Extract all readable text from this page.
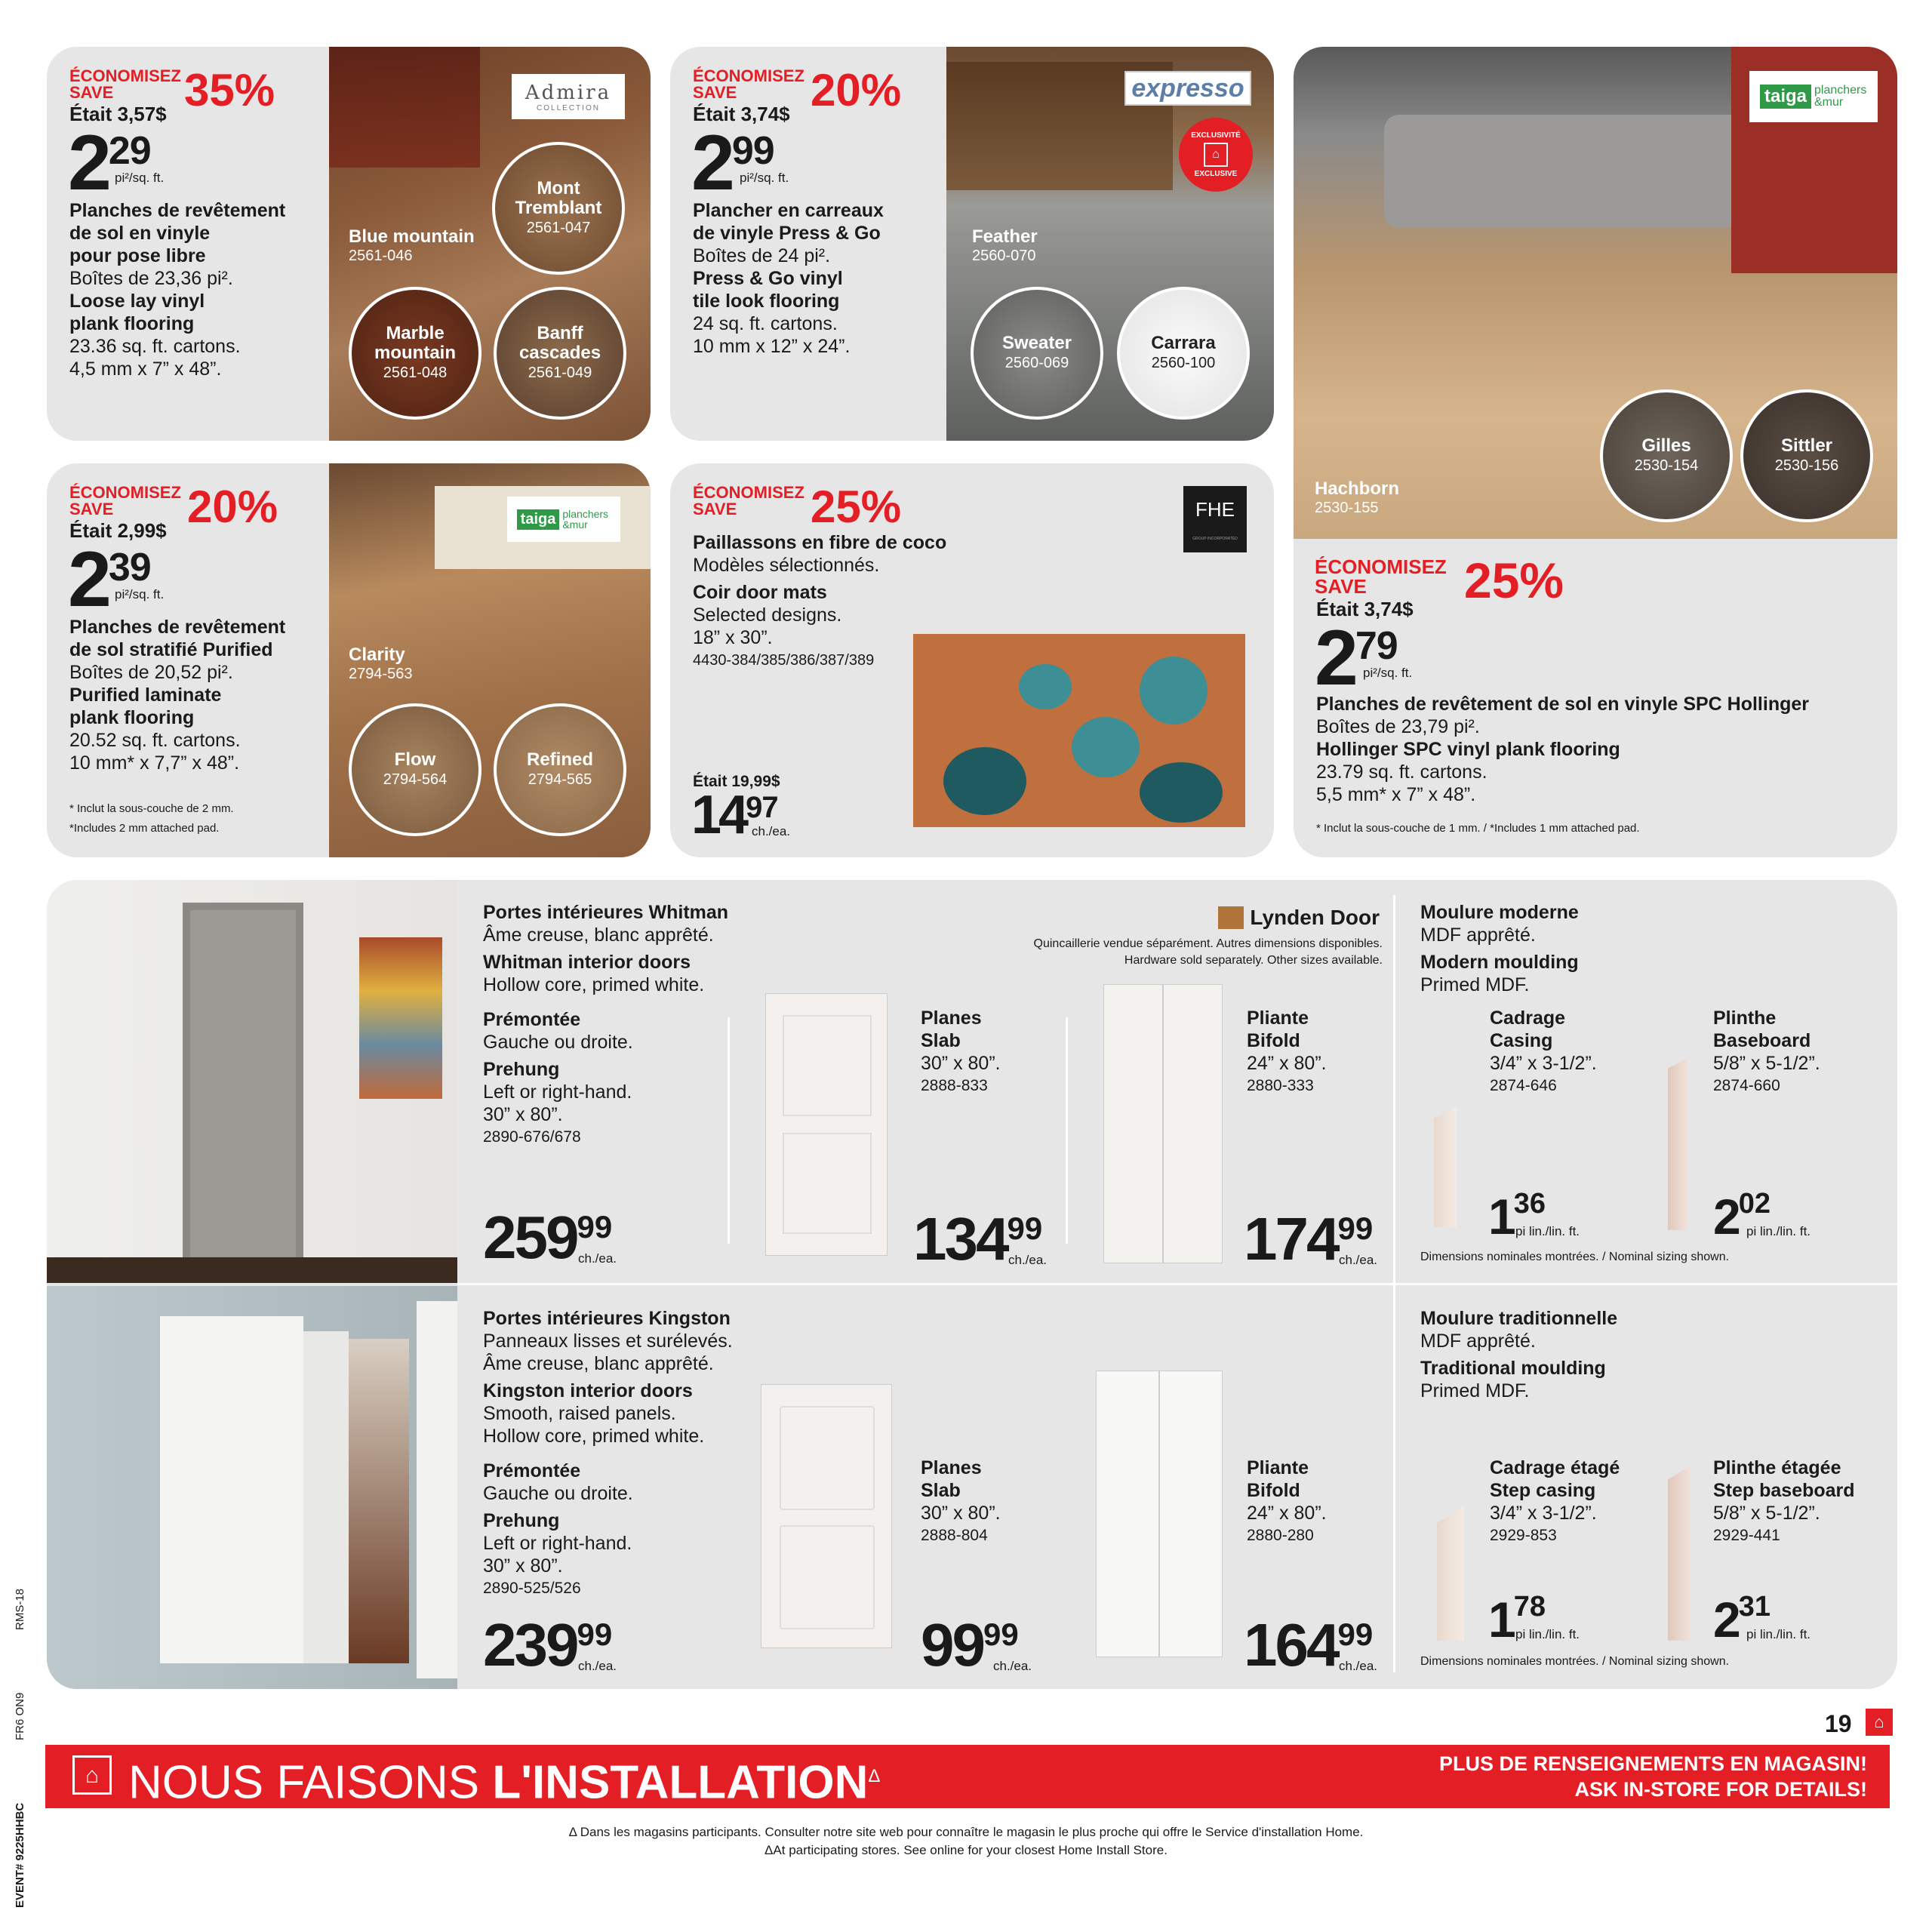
ÉCONOMISEZ
SAVE 35%
Était 3,57$
$2^{29}$
pi²/sq. ft.
Planches de revêtement
de sol en vinyle
pour pose libre
Boîtes de 23,36 pi².
Loose lay vinyl
plank flooring
23.36 sq. ft. cartons.
4,5 mm x 7” x 48”.
Admira
COLLECTION
Blue mountain
2561-046
Mont Tremblant
2561-047
Marble mountain
2561-048
Banff cascades
2561-049
ÉCONOMISEZ
SAVE 20%
Était 3,74$
$2^{99}$
pi²/sq. ft.
Plancher en carreaux
de vinyle Press & Go
Boîtes de 24 pi².
Press & Go vinyl
tile look flooring
24 sq. ft. cartons.
10 mm x 12” x 24”.
expresso
EXCLUSIVITÉ
⌂
EXCLUSIVE
Feather
2560-070
Sweater
2560-069
Carrara
2560-100
taiga planchers &mur
Hachborn
2530-155
Gilles
2530-154
Sittler
2530-156
ÉCONOMISEZ
SAVE 25%
Était 3,74$
$2^{79}$
pi²/sq. ft.
Planches de revêtement de sol en vinyle SPC Hollinger
Boîtes de 23,79 pi².
Hollinger SPC vinyl plank flooring
23.79 sq. ft. cartons.
5,5 mm* x 7” x 48”.
* Inclut la sous-couche de 1 mm. / *Includes 1 mm attached pad.
ÉCONOMISEZ
SAVE 20%
Était 2,99$
$2^{39}$
pi²/sq. ft.
Planches de revêtement
de sol stratifié Purified
Boîtes de 20,52 pi².
Purified laminate
plank flooring
20.52 sq. ft. cartons.
10 mm* x 7,7” x 48”.
* Inclut la sous-couche de 2 mm.
*Includes 2 mm attached pad.
taiga planchers &mur
Clarity
2794-563
Flow
2794-564
Refined
2794-565
ÉCONOMISEZ
SAVE 25%	FHE
GROUP INCORPORATED
Paillassons en fibre de coco
Modèles sélectionnés.
Coir door mats
Selected designs.
18” x 30”.
4430-384/385/386/387/389
Était 19,99$
$14^{97}$
ch./ea.
Portes intérieures Whitman
Âme creuse, blanc apprêté.
Whitman interior doors
Hollow core, primed white.
Prémontée
Gauche ou droite.
Prehung
Left or right-hand.
30” x 80”.
2890-676/678
$259^{99}$
ch./ea.
Planes
Slab
30” x 80”.
2888-833
$134^{99}$
ch./ea.
Pliante
Bifold
24” x 80”.
2880-333
$174^{99}$
ch./ea.
Lynden Door
Quincaillerie vendue séparément. Autres dimensions disponibles.
Hardware sold separately. Other sizes available.
Moulure moderne
MDF apprêté.
Modern moulding
Primed MDF.
Cadrage
Casing
3/4” x 3-1/2”.
2874-646
$1^{36}$
pi lin./lin. ft.
Plinthe
Baseboard
5/8” x 5-1/2”.
2874-660
$2^{02}$
pi lin./lin. ft.
Dimensions nominales montrées. / Nominal sizing shown.
Portes intérieures Kingston
Panneaux lisses et surélevés.
Âme creuse, blanc apprêté.
Kingston interior doors
Smooth, raised panels.
Hollow core, primed white.
Prémontée
Gauche ou droite.
Prehung
Left or right-hand.
30” x 80”.
2890-525/526
$239^{99}$
ch./ea.
Planes
Slab
30” x 80”.
2888-804
$99^{99}$
ch./ea.
Pliante
Bifold
24” x 80”.
2880-280
$164^{99}$
ch./ea.
Moulure traditionnelle
MDF apprêté.
Traditional moulding
Primed MDF.
Cadrage étagé
Step casing
3/4” x 3-1/2”.
2929-853
$1^{78}$
pi lin./lin. ft.
Plinthe étagée
Step baseboard
5/8” x 5-1/2”.
2929-441
$2^{31}$
pi lin./lin. ft.
Dimensions nominales montrées. / Nominal sizing shown.
RMS-18
FR6 ON9
EVENT# 9225HHBC
19	⌂
⌂ NOUS FAISONS $L'INSTALLATION^\Delta$
PLUS DE RENSEIGNEMENTS EN MAGASIN!
ASK IN-STORE FOR DETAILS!
Δ Dans les magasins participants. Consulter notre site web pour connaître le magasin le plus proche qui offre le Service d'installation Home.
ΔAt participating stores. See online for your closest Home Install Store.
